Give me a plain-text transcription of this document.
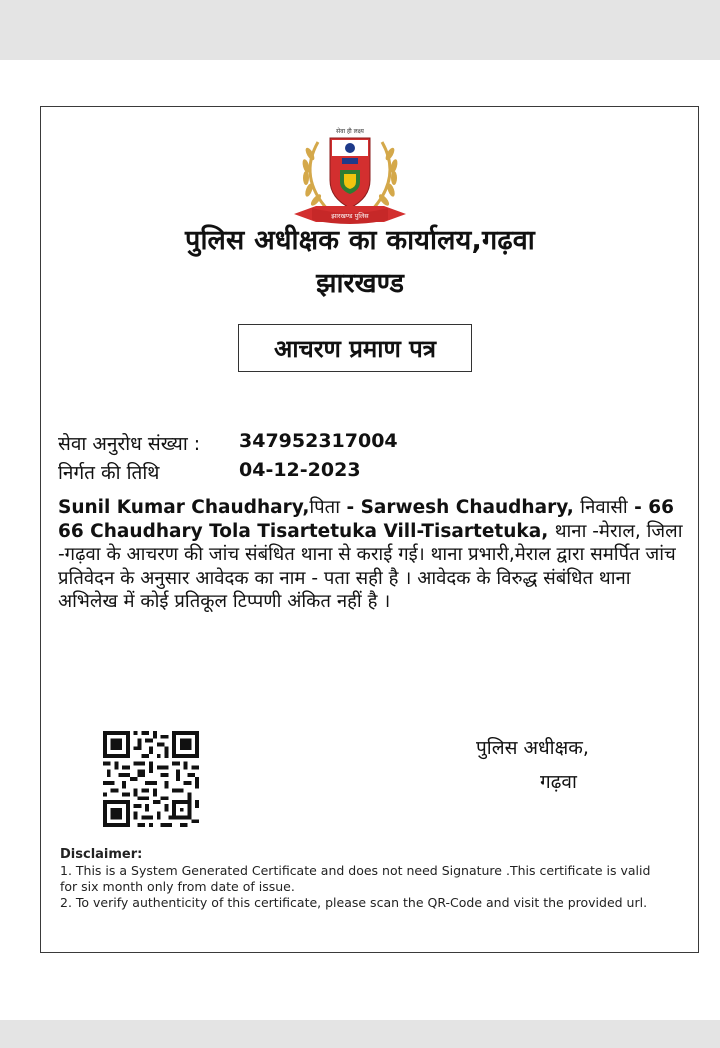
सेवा ही लक्ष्य
झारखण्ड पुलिस
पुलिस अधीक्षक का कार्यालय,गढ़वा
झारखण्ड
आचरण प्रमाण पत्र
सेवा अनुरोध संख्या : 347952317004
निर्गत की तिथि	04-12-2023
Sunil Kumar Chaudhary,पिता - Sarwesh Chaudhary, निवासी - 66 66 Chaudhary Tola Tisartetuka Vill-Tisartetuka, थाना -मेराल, जिला -गढ़वा के आचरण की जांच संबंधित थाना से कराई गई। थाना प्रभारी,मेराल द्वारा समर्पित जांच प्रतिवेदन के अनुसार आवेदक का नाम - पता सही है । आवेदक के विरुद्ध संबंधित थाना अभिलेख में कोई प्रतिकूल टिप्पणी अंकित नहीं है ।
पुलिस अधीक्षक,
गढ़वा

Disclaimer:

1. This is a System Generated Certificate and does not need Signature .This certificate is valid for six month only from date of issue.

2. To verify authenticity of this certificate, please scan the QR-Code and visit the provided url.
